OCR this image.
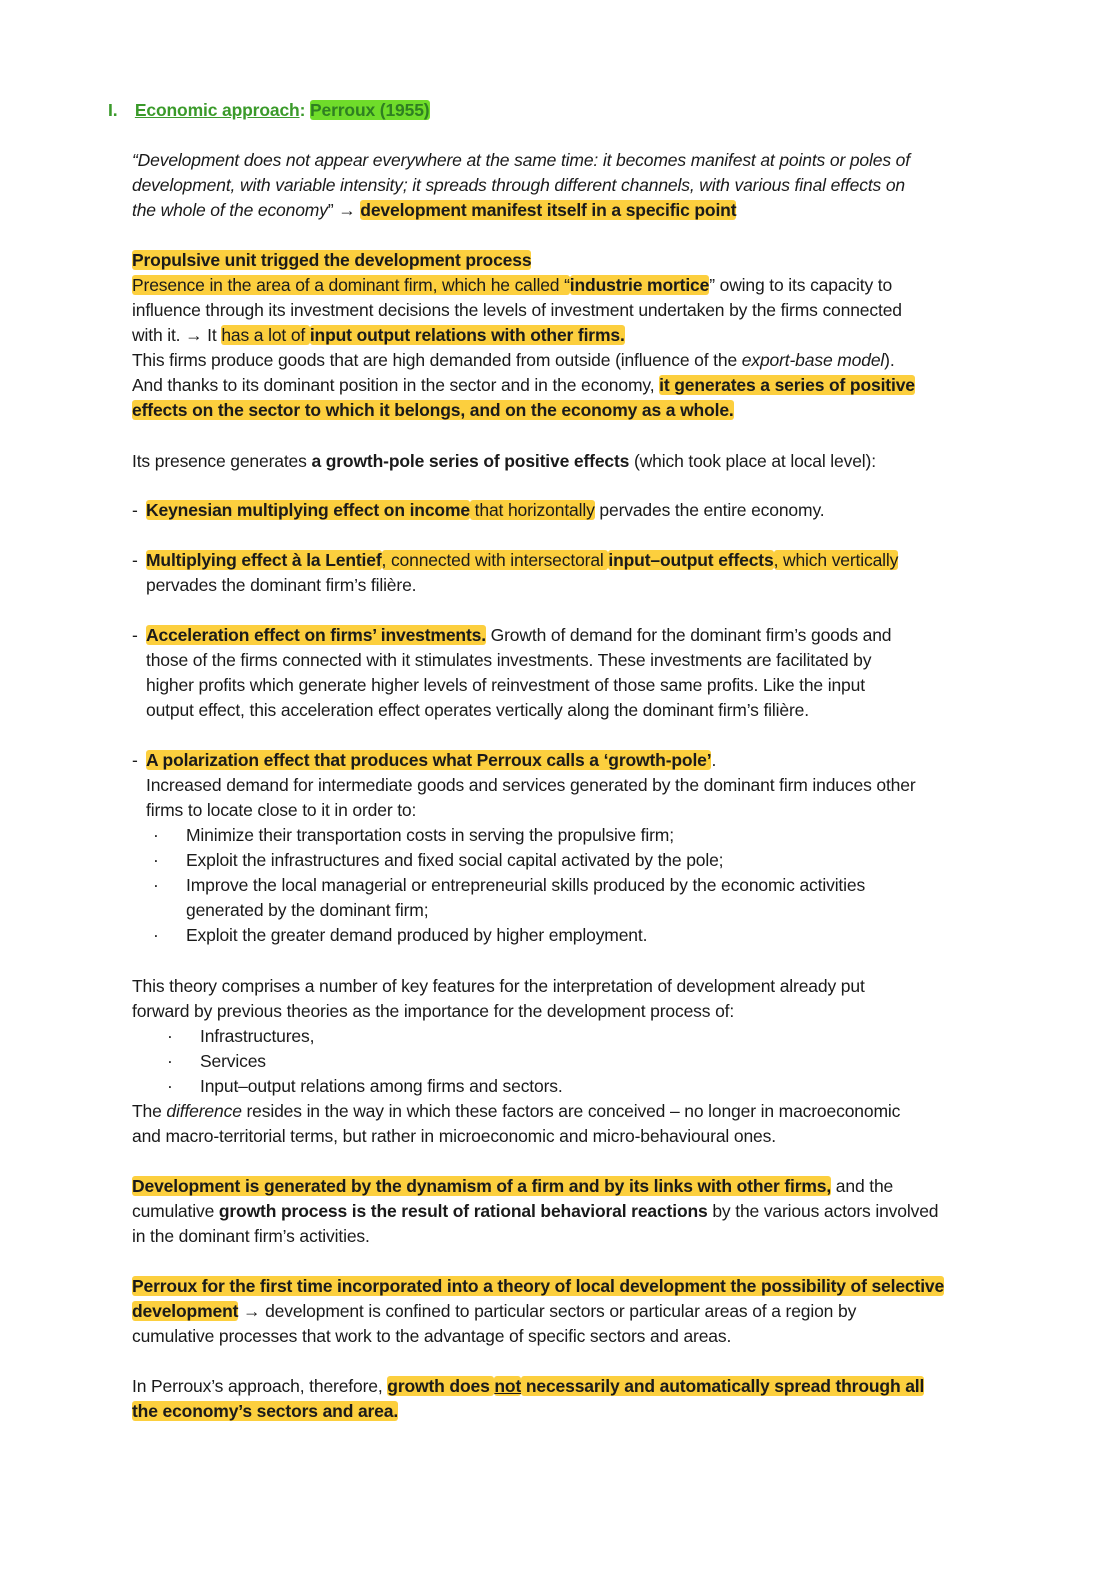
I. Economic approach: Perroux (1955)
“Development does not appear everywhere at the same time: it becomes manifest at points or poles of
development, with variable intensity; it spreads through different channels, with various final effects on
the whole of the economy” → development manifest itself in a specific point
Propulsive unit trigged the development process
Presence in the area of a dominant firm, which he called “industrie mortice” owing to its capacity to
influence through its investment decisions the levels of investment undertaken by the firms connected
with it. → It has a lot of input output relations with other firms.
This firms produce goods that are high demanded from outside (influence of the export-base model).
And thanks to its dominant position in the sector and in the economy, it generates a series of positive
effects on the sector to which it belongs, and on the economy as a whole.
Its presence generates a growth-pole series of positive effects (which took place at local level):
- Keynesian multiplying effect on income that horizontally pervades the entire economy.
- Multiplying effect à la Lentief, connected with intersectoral input–output effects, which vertically
pervades the dominant firm’s filière.
- Acceleration effect on firms’ investments. Growth of demand for the dominant firm’s goods and
those of the firms connected with it stimulates investments. These investments are facilitated by
higher profits which generate higher levels of reinvestment of those same profits. Like the input
output effect, this acceleration effect operates vertically along the dominant firm’s filière.
- A polarization effect that produces what Perroux calls a ‘growth-pole’.
Increased demand for intermediate goods and services generated by the dominant firm induces other
firms to locate close to it in order to:
· Minimize their transportation costs in serving the propulsive firm;
· Exploit the infrastructures and fixed social capital activated by the pole;
· Improve the local managerial or entrepreneurial skills produced by the economic activities
generated by the dominant firm;
· Exploit the greater demand produced by higher employment.
This theory comprises a number of key features for the interpretation of development already put
forward by previous theories as the importance for the development process of:
· Infrastructures,
· Services
· Input–output relations among firms and sectors.
The difference resides in the way in which these factors are conceived – no longer in macroeconomic
and macro-territorial terms, but rather in microeconomic and micro-behavioural ones.
Development is generated by the dynamism of a firm and by its links with other firms, and the
cumulative growth process is the result of rational behavioral reactions by the various actors involved
in the dominant firm’s activities.
Perroux for the first time incorporated into a theory of local development the possibility of selective
development → development is confined to particular sectors or particular areas of a region by
cumulative processes that work to the advantage of specific sectors and areas.
In Perroux’s approach, therefore, growth does not necessarily and automatically spread through all
the economy’s sectors and area.
